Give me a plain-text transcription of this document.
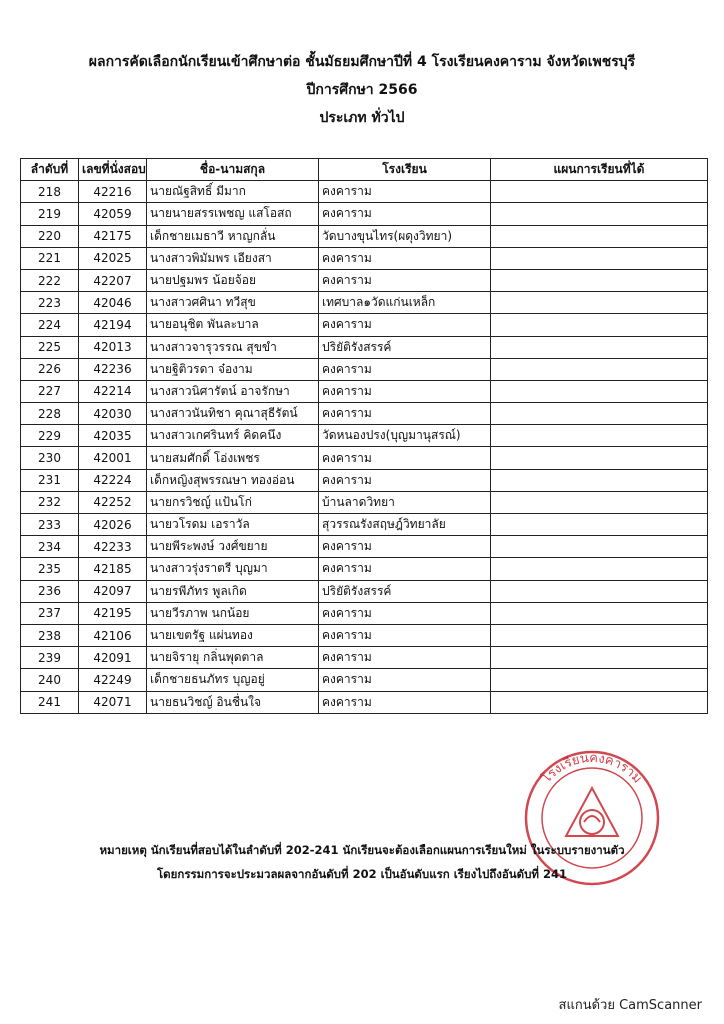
ผลการคัดเลือกนักเรียนเข้าศึกษาต่อ ชั้นมัธยมศึกษาปีที่ 4 โรงเรียนคงคาราม จังหวัดเพชรบุรี
ปีการศึกษา 2566
ประเภท ทั่วไป
ลำดับที่	เลขที่นั่งสอบ	ชื่อ-นามสกุล	โรงเรียน	แผนการเรียนที่ได้
218	42216	นายณัฐสิทธิ์ มีมาก	คงคาราม	
219	42059	นายนายสรรเพชญ แสโอสถ	คงคาราม	
220	42175	เด็กชายเมธาวี หาญกลั่น	วัดบางขุนไทร(ผดุงวิทยา)	
221	42025	นางสาวพิมัมพร เอียงสา	คงคาราม	
222	42207	นายปฐมพร น้อยจ้อย	คงคาราม	
223	42046	นางสาวศศินา ทวีสุข	เทศบาล๑วัดแก่นเหล็ก	
224	42194	นายอนุชิต พันละบาล	คงคาราม	
225	42013	นางสาวจารุวรรณ สุขขำ	ปริยัติรังสรรค์	
226	42236	นายฐิติวรดา จ๋องาม	คงคาราม	
227	42214	นางสาวนิศารัตน์ อาจรักษา	คงคาราม	
228	42030	นางสาวนันทิชา คุณาสุธีรัตน์	คงคาราม	
229	42035	นางสาวเกศรินทร์ คิดคนึง	วัดหนองปรง(บุญมานุสรณ์)	
230	42001	นายสมศักดิ์ โอ่งเพชร	คงคาราม	
231	42224	เด็กหญิงสุพรรณษา ทองอ่อน	คงคาราม	
232	42252	นายกรวิชญ์ แป้นโก่	บ้านลาดวิทยา	
233	42026	นายวโรดม เอราวัล	สุวรรณรังสฤษฎ์วิทยาลัย	
234	42233	นายพีระพงษ์ วงศ์ขยาย	คงคาราม	
235	42185	นางสาวรุ่งราตรี บุญมา	คงคาราม	
236	42097	นายรพีภัทร พูลเกิด	ปริยัติรังสรรค์	
237	42195	นายวีรภาพ นกน้อย	คงคาราม	
238	42106	นายเขตรัฐ แผ่นทอง	คงคาราม	
239	42091	นายจิรายุ กลิ่นพุดตาล	คงคาราม	
240	42249	เด็กชายธนภัทร บุญอยู่	คงคาราม	
241	42071	นายธนวิชญ์ อินชื่นใจ	คงคาราม	
โรงเรียนคงคาราม
หมายเหตุ นักเรียนที่สอบได้ในลำดับที่ 202-241 นักเรียนจะต้องเลือกแผนการเรียนใหม่ ในระบบรายงานตัว
โดยกรรมการจะประมวลผลจากอันดับที่ 202 เป็นอันดับแรก เรียงไปถึงอันดับที่ 241
สแกนด้วย CamScanner
